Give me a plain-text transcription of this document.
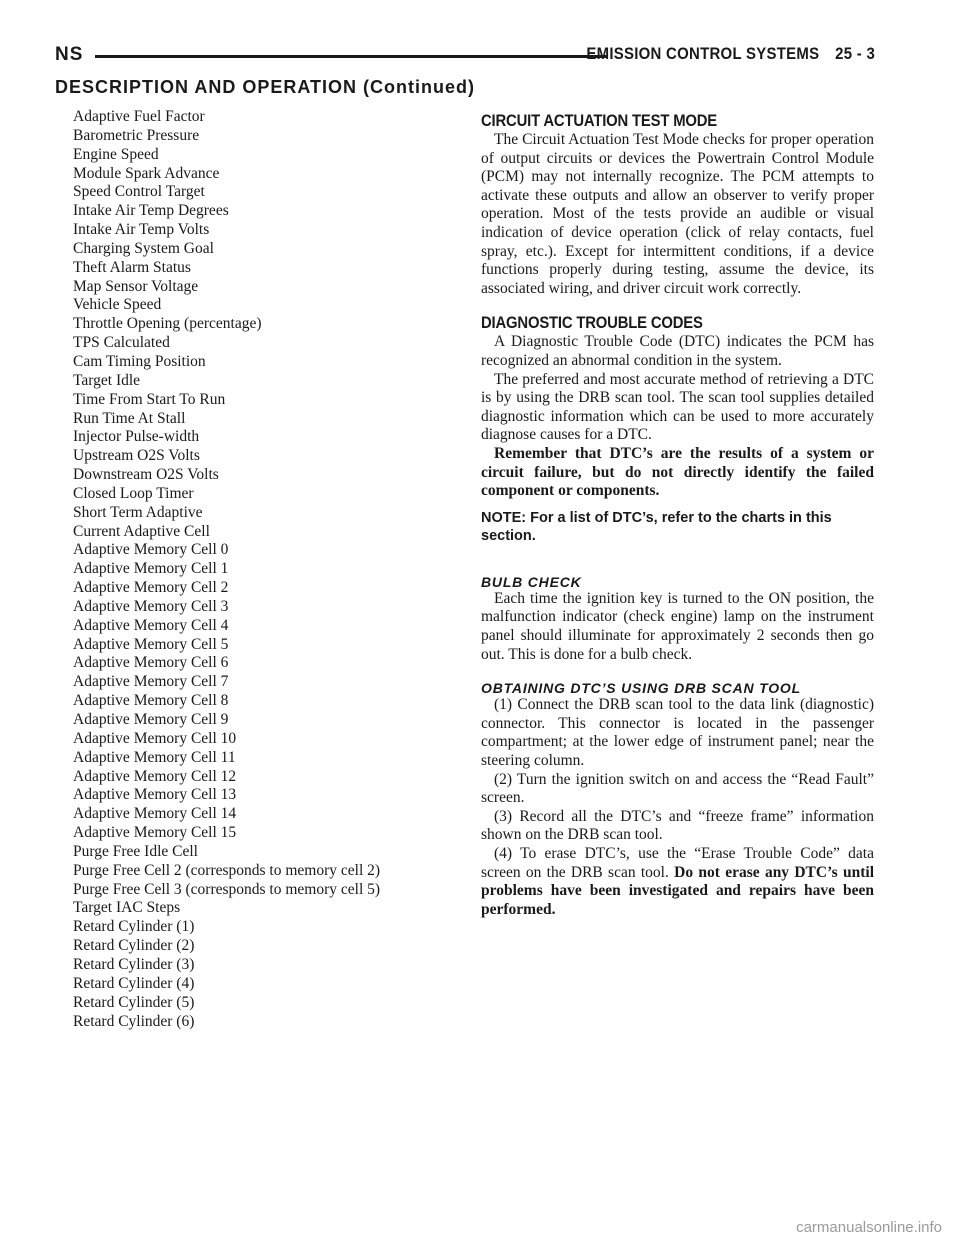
NS	EMISSION CONTROL SYSTEMS 25 - 3
DESCRIPTION AND OPERATION (Continued)
Adaptive Fuel Factor
Barometric Pressure
Engine Speed
Module Spark Advance
Speed Control Target
Intake Air Temp Degrees
Intake Air Temp Volts
Charging System Goal
Theft Alarm Status
Map Sensor Voltage
Vehicle Speed
Throttle Opening (percentage)
TPS Calculated
Cam Timing Position
Target Idle
Time From Start To Run
Run Time At Stall
Injector Pulse-width
Upstream O2S Volts
Downstream O2S Volts
Closed Loop Timer
Short Term Adaptive
Current Adaptive Cell
Adaptive Memory Cell 0
Adaptive Memory Cell 1
Adaptive Memory Cell 2
Adaptive Memory Cell 3
Adaptive Memory Cell 4
Adaptive Memory Cell 5
Adaptive Memory Cell 6
Adaptive Memory Cell 7
Adaptive Memory Cell 8
Adaptive Memory Cell 9
Adaptive Memory Cell 10
Adaptive Memory Cell 11
Adaptive Memory Cell 12
Adaptive Memory Cell 13
Adaptive Memory Cell 14
Adaptive Memory Cell 15
Purge Free Idle Cell
Purge Free Cell 2 (corresponds to memory cell 2)
Purge Free Cell 3 (corresponds to memory cell 5)
Target IAC Steps
Retard Cylinder (1)
Retard Cylinder (2)
Retard Cylinder (3)
Retard Cylinder (4)
Retard Cylinder (5)
Retard Cylinder (6)
CIRCUIT ACTUATION TEST MODE

The Circuit Actuation Test Mode checks for proper operation of output circuits or devices the Powertrain Control Module (PCM) may not internally recognize. The PCM attempts to activate these outputs and allow an observer to verify proper operation. Most of the tests provide an audible or visual indication of device operation (click of relay contacts, fuel spray, etc.). Except for intermittent conditions, if a device functions properly during testing, assume the device, its associated wiring, and driver circuit work correctly.

DIAGNOSTIC TROUBLE CODES

A Diagnostic Trouble Code (DTC) indicates the PCM has recognized an abnormal condition in the system.

The preferred and most accurate method of retrieving a DTC is by using the DRB scan tool. The scan tool supplies detailed diagnostic information which can be used to more accurately diagnose causes for a DTC.

Remember that DTC’s are the results of a system or circuit failure, but do not directly identify the failed component or components.

NOTE: For a list of DTC’s, refer to the charts in this section.

BULB CHECK

Each time the ignition key is turned to the ON position, the malfunction indicator (check engine) lamp on the instrument panel should illuminate for approximately 2 seconds then go out. This is done for a bulb check.

OBTAINING DTC’S USING DRB SCAN TOOL

(1) Connect the DRB scan tool to the data link (diagnostic) connector. This connector is located in the passenger compartment; at the lower edge of instrument panel; near the steering column.

(2) Turn the ignition switch on and access the “Read Fault” screen.

(3) Record all the DTC’s and “freeze frame” information shown on the DRB scan tool.

(4) To erase DTC’s, use the “Erase Trouble Code” data screen on the DRB scan tool. Do not erase any DTC’s until problems have been investigated and repairs have been performed.

carmanualsonline.info
